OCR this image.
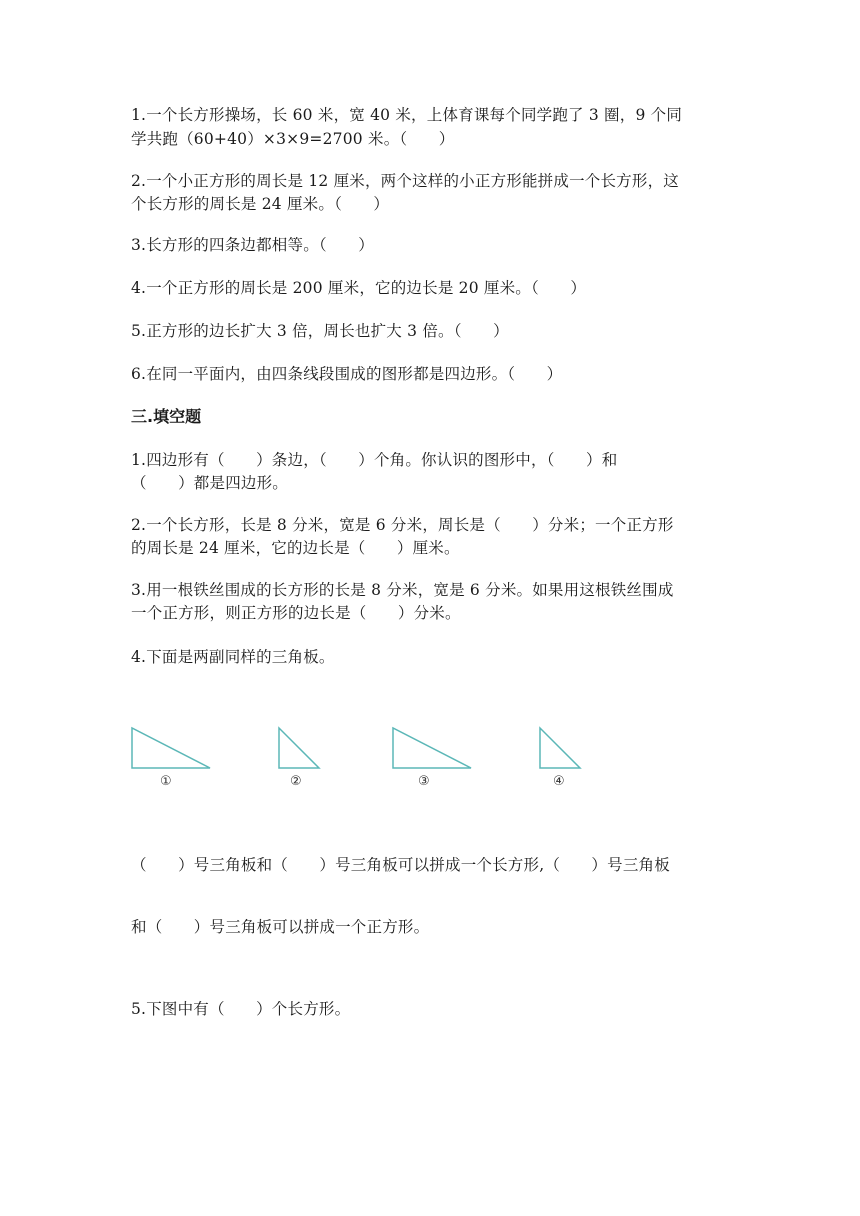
1.一个长方形操场，长 60 米，宽 40 米，上体育课每个同学跑了 3 圈，9 个同
学共跑（60+40）×3×9=2700 米。（　　）
2.一个小正方形的周长是 12 厘米，两个这样的小正方形能拼成一个长方形，这
个长方形的周长是 24 厘米。（　　）
3.长方形的四条边都相等。（　　）
4.一个正方形的周长是 200 厘米，它的边长是 20 厘米。（　　）
5.正方形的边长扩大 3 倍，周长也扩大 3 倍。（　　）
6.在同一平面内，由四条线段围成的图形都是四边形。（　　）
三.填空题
1.四边形有（　　）条边，（　　）个角。你认识的图形中，（　　）和
（　　）都是四边形。
2.一个长方形，长是 8 分米，宽是 6 分米，周长是（　　）分米；一个正方形
的周长是 24 厘米，它的边长是（　　）厘米。
3.用一根铁丝围成的长方形的长是 8 分米，宽是 6 分米。如果用这根铁丝围成
一个正方形，则正方形的边长是（　　）分米。
4.下面是两副同样的三角板。
①	②	③	④
（　　）号三角板和（　　）号三角板可以拼成一个长方形,（　　）号三角板
和（　　）号三角板可以拼成一个正方形。
5.下图中有（　　）个长方形。
